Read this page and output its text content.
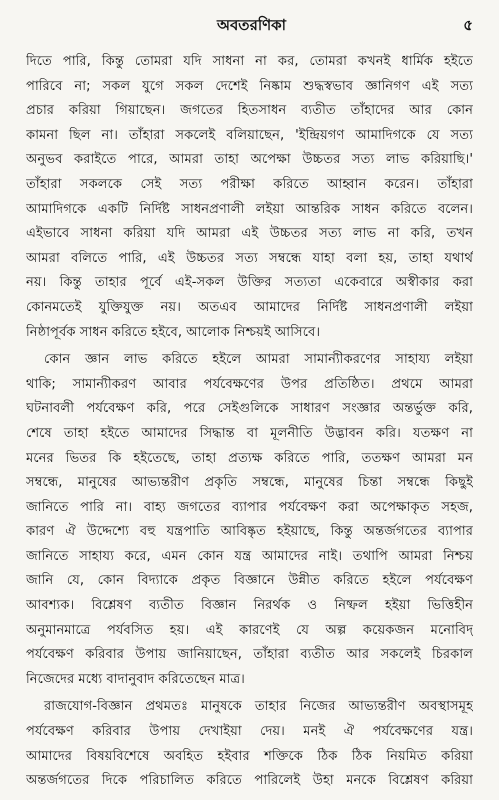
অবতরণিকা	৫
দিতে পারি, কিন্তু তোমরা যদি সাধনা না কর, তোমরা কখনই ধার্মিক হইতে
পারিবে না; সকল যুগে সকল দেশেই নিষ্কাম শুদ্ধস্বভাব জ্ঞানিগণ এই সত্য
প্রচার করিয়া গিয়াছেন। জগতের হিতসাধন ব্যতীত তাঁহাদের আর কোন
কামনা ছিল না। তাঁহারা সকলেই বলিয়াছেন, 'ইন্দ্রিয়গণ আমাদিগকে যে সত্য
অনুভব করাইতে পারে, আমরা তাহা অপেক্ষা উচ্চতর সত্য লাভ করিয়াছি।'
তাঁহারা সকলকে সেই সত্য পরীক্ষা করিতে আহ্বান করেন। তাঁহারা
আমাদিগকে একটি নির্দিষ্ট সাধনপ্রণালী লইয়া আন্তরিক সাধন করিতে বলেন।
এইভাবে সাধনা করিয়া যদি আমরা এই উচ্চতর সত্য লাভ না করি, তখন
আমরা বলিতে পারি, এই উচ্চতর সত্য সম্বন্ধে যাহা বলা হয়, তাহা যথার্থ
নয়। কিন্তু তাহার পূর্বে এই-সকল উক্তির সত্যতা একেবারে অস্বীকার করা
কোনমতেই যুক্তিযুক্ত নয়। অতএব আমাদের নির্দিষ্ট সাধনপ্রণালী লইয়া
নিষ্ঠাপূর্বক সাধন করিতে হইবে, আলোক নিশ্চয়ই আসিবে।
কোন জ্ঞান লাভ করিতে হইলে আমরা সামান্যীকরণের সাহায্য লইয়া
থাকি; সামান্যীকরণ আবার পর্যবেক্ষণের উপর প্রতিষ্ঠিত। প্রথমে আমরা
ঘটনাবলী পর্যবেক্ষণ করি, পরে সেইগুলিকে সাধারণ সংজ্ঞার অন্তর্ভুক্ত করি,
শেষে তাহা হইতে আমাদের সিদ্ধান্ত বা মূলনীতি উদ্ভাবন করি। যতক্ষণ না
মনের ভিতর কি হইতেছে, তাহা প্রত্যক্ষ করিতে পারি, ততক্ষণ আমরা মন
সম্বন্ধে, মানুষের আভ্যন্তরীণ প্রকৃতি সম্বন্ধে, মানুষের চিন্তা সম্বন্ধে কিছুই
জানিতে পারি না। বাহ্য জগতের ব্যাপার পর্যবেক্ষণ করা অপেক্ষাকৃত সহজ,
কারণ ঐ উদ্দেশ্যে বহু যন্ত্রপাতি আবিষ্কৃত হইয়াছে, কিন্তু অন্তর্জগতের ব্যাপার
জানিতে সাহায্য করে, এমন কোন যন্ত্র আমাদের নাই। তথাপি আমরা নিশ্চয়
জানি যে, কোন বিদ্যাকে প্রকৃত বিজ্ঞানে উন্নীত করিতে হইলে পর্যবেক্ষণ
আবশ্যক। বিশ্লেষণ ব্যতীত বিজ্ঞান নিরর্থক ও নিষ্ফল হইয়া ভিত্তিহীন
অনুমানমাত্রে পর্যবসিত হয়। এই কারণেই যে অল্প কয়েকজন মনোবিদ্‌
পর্যবেক্ষণ করিবার উপায় জানিয়াছেন, তাঁহারা ব্যতীত আর সকলেই চিরকাল
নিজেদের মধ্যে বাদানুবাদ করিতেছেন মাত্র।
রাজযোগ-বিজ্ঞান প্রথমতঃ মানুষকে তাহার নিজের আভ্যন্তরীণ অবস্থাসমূহ
পর্যবেক্ষণ করিবার উপায় দেখাইয়া দেয়। মনই ঐ পর্যবেক্ষণের যন্ত্র।
আমাদের বিষয়বিশেষে অবহিত হইবার শক্তিকে ঠিক ঠিক নিয়মিত করিয়া
অন্তর্জগতের দিকে পরিচালিত করিতে পারিলেই উহা মনকে বিশ্লেষণ করিয়া
